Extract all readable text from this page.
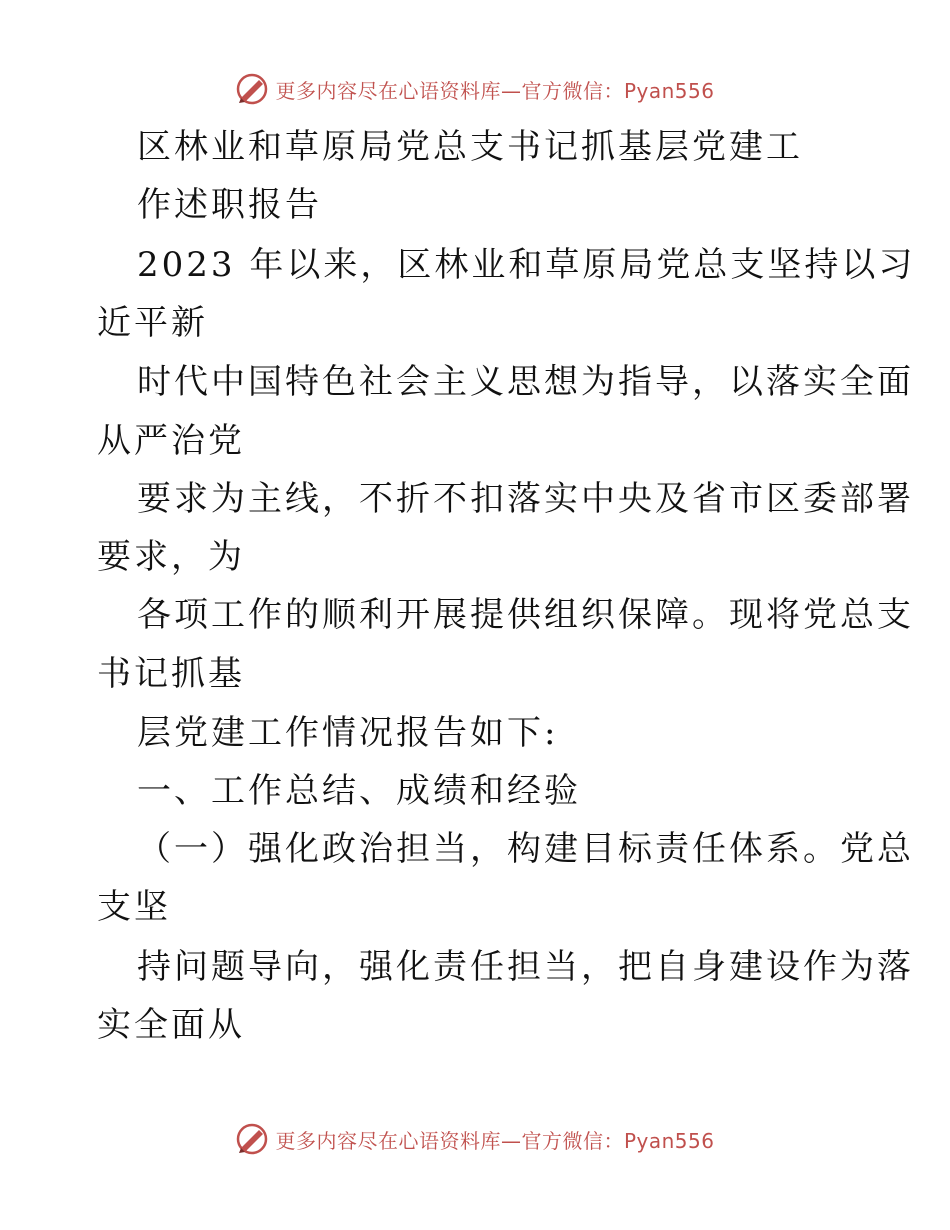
更多内容尽在心语资料库—官方微信：Pyan556
区林业和草原局党总支书记抓基层党建工
作述职报告
2023 年以来，区林业和草原局党总支坚持以习
近平新
时代中国特色社会主义思想为指导，以落实全面
从严治党
要求为主线，不折不扣落实中央及省市区委部署
要求，为
各项工作的顺利开展提供组织保障。现将党总支
书记抓基
层党建工作情况报告如下:
一、工作总结、成绩和经验
（一）强化政治担当，构建目标责任体系。党总
支坚
持问题导向，强化责任担当，把自身建设作为落
实全面从
更多内容尽在心语资料库—官方微信：Pyan556
